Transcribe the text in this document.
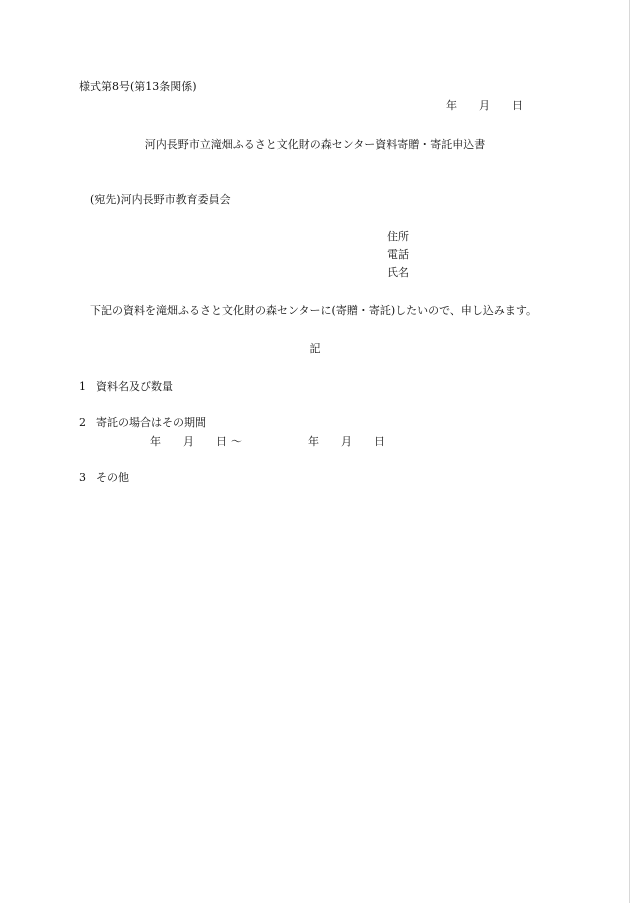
様式第8号(第13条関係)
年 月 日
河内長野市立滝畑ふるさと文化財の森センター資料寄贈・寄託申込書
(宛先)河内長野市教育委員会
住所
電話
氏名
下記の資料を滝畑ふるさと文化財の森センターに(寄贈・寄託)したいので、申し込みます。
記
1 資料名及び数量
2 寄託の場合はその期間
年 月 日 〜	年 月 日
3 その他
